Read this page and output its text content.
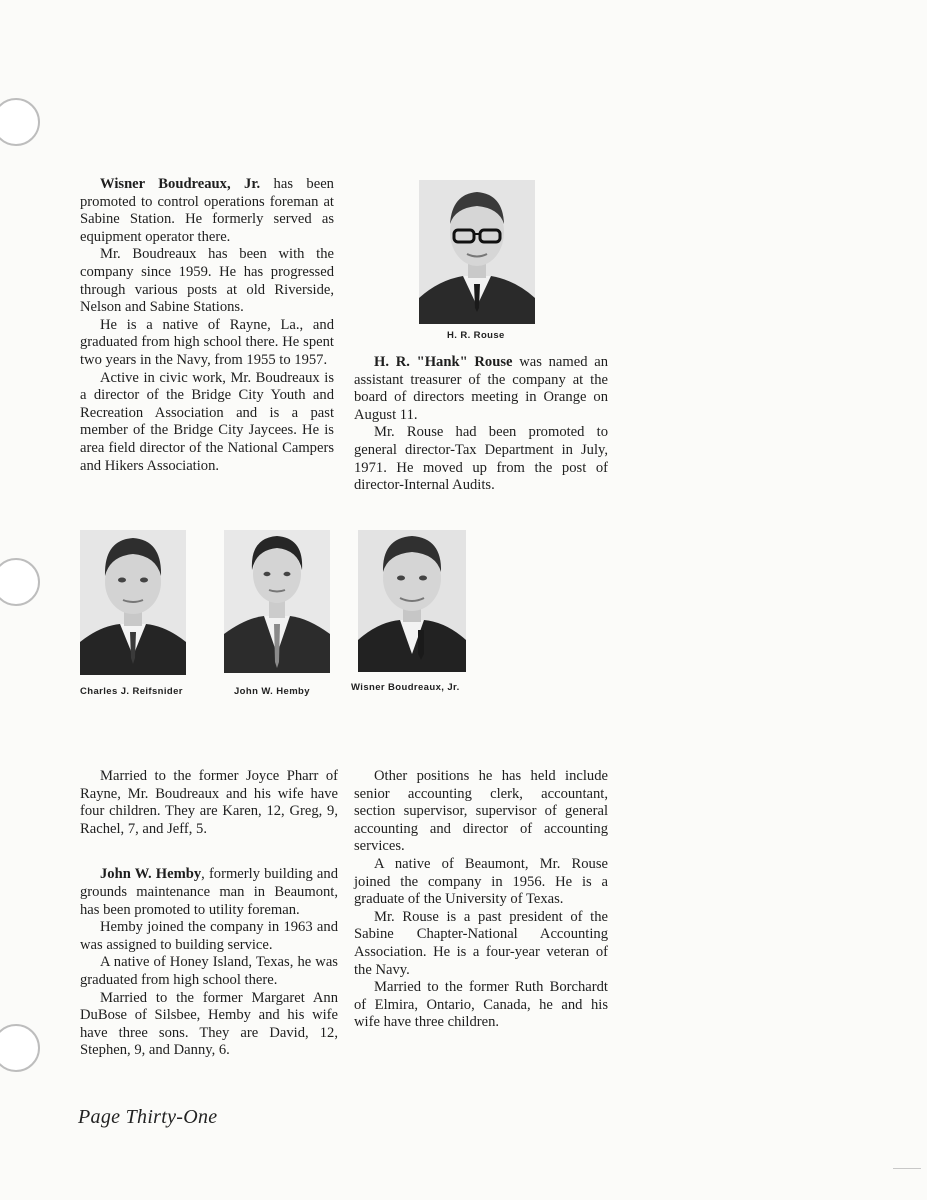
Wisner Boudreaux, Jr. has been promoted to control operations foreman at Sabine Station. He formerly served as equipment operator there.

Mr. Boudreaux has been with the company since 1959. He has progressed through various posts at old Riverside, Nelson and Sabine Stations.

He is a native of Rayne, La., and graduated from high school there. He spent two years in the Navy, from 1955 to 1957.

Active in civic work, Mr. Boudreaux is a director of the Bridge City Youth and Recreation Association and is a past member of the Bridge City Jaycees. He is area field director of the National Campers and Hikers Association.

H. R. Rouse

H. R. "Hank" Rouse was named an assistant treasurer of the company at the board of directors meeting in Orange on August 11.

Mr. Rouse had been promoted to general director-Tax Department in July, 1971. He moved up from the post of director-Internal Audits.

Charles J. Reifsnider	John W. Hemby	Wisner Boudreaux, Jr.

Married to the former Joyce Pharr of Rayne, Mr. Boudreaux and his wife have four children. They are Karen, 12, Greg, 9, Rachel, 7, and Jeff, 5.

John W. Hemby, formerly building and grounds maintenance man in Beaumont, has been promoted to utility foreman.

Hemby joined the company in 1963 and was assigned to building service.

A native of Honey Island, Texas, he was graduated from high school there.

Married to the former Margaret Ann DuBose of Silsbee, Hemby and his wife have three sons. They are David, 12, Stephen, 9, and Danny, 6.

Other positions he has held include senior accounting clerk, accountant, section supervisor, supervisor of general accounting and director of accounting services.

A native of Beaumont, Mr. Rouse joined the company in 1956. He is a graduate of the University of Texas.

Mr. Rouse is a past president of the Sabine Chapter-National Accounting Association. He is a four-year veteran of the Navy.

Married to the former Ruth Borchardt of Elmira, Ontario, Canada, he and his wife have three children.

Page Thirty-One
